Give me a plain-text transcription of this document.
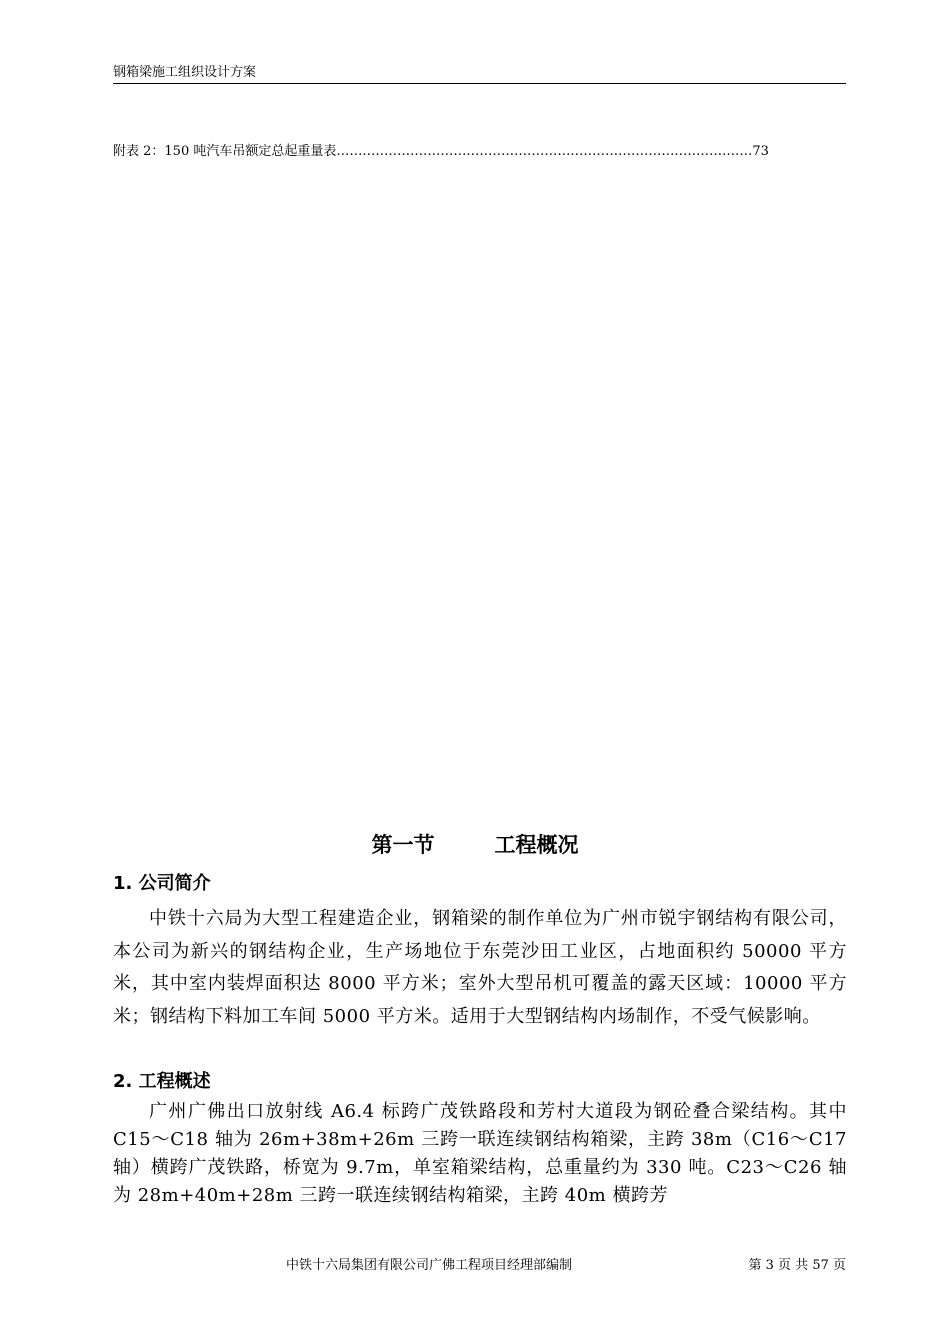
钢箱梁施工组织设计方案
附表 2：150 吨汽车吊额定总起重量表……………………………………………………………………………………73
第一节	工程概况
1. 公司简介
中铁十六局为大型工程建造企业，钢箱梁的制作单位为广州市锐宇钢结构有限公司，本公司为新兴的钢结构企业，生产场地位于东莞沙田工业区，占地面积约 50000 平方米，其中室内装焊面积达 8000 平方米；室外大型吊机可覆盖的露天区域：10000 平方米；钢结构下料加工车间 5000 平方米。适用于大型钢结构内场制作，不受气候影响。
2. 工程概述
广州广佛出口放射线 A6.4 标跨广茂铁路段和芳村大道段为钢砼叠合梁结构。其中 C15～C18 轴为 26m+38m+26m 三跨一联连续钢结构箱梁，主跨 38m（C16～C17 轴）横跨广茂铁路，桥宽为 9.7m，单室箱梁结构，总重量约为 330 吨。C23～C26 轴为 28m+40m+28m 三跨一联连续钢结构箱梁，主跨 40m 横跨芳
中铁十六局集团有限公司广佛工程项目经理部编制	第 3 页 共 57 页
